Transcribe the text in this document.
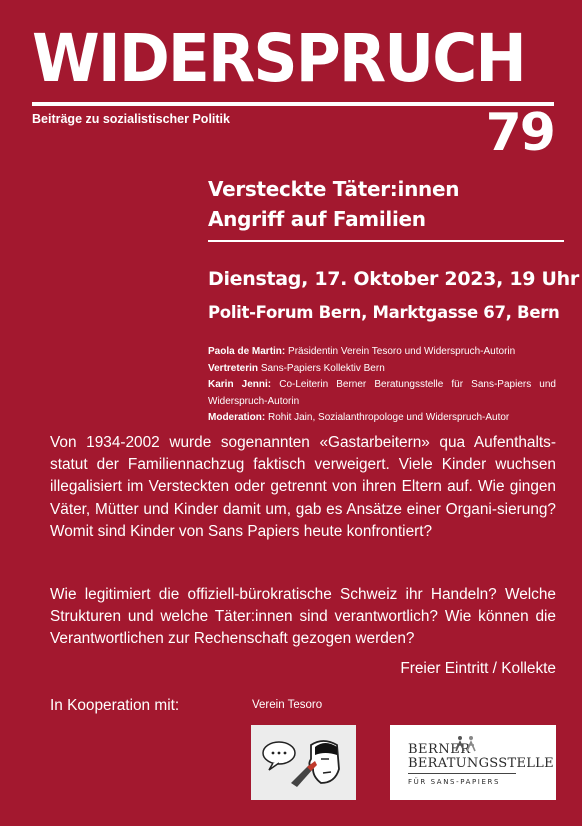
WIDERSPRUCH
Beiträge zu sozialistischer Politik	79
Versteckte Täter:innen
Angriff auf Familien
Dienstag, 17. Oktober 2023, 19 Uhr
Polit-Forum Bern, Marktgasse 67, Bern
Paola de Martin: Präsidentin Verein Tesoro und Widerspruch-Autorin
Vertreterin Sans-Papiers Kollektiv Bern
Karin Jenni: Co-Leiterin Berner Beratungsstelle für Sans-Papiers und Widerspruch-Autorin
Moderation: Rohit Jain, Sozialanthropologe und Widerspruch-Autor
Von 1934-2002 wurde sogenannten «Gastarbeitern» qua Aufenthalts-statut der Familiennachzug faktisch verweigert. Viele Kinder wuchsen illegalisiert im Versteckten oder getrennt von ihren Eltern auf. Wie gingen Väter, Mütter und Kinder damit um, gab es Ansätze einer Organi-sierung? Womit sind Kinder von Sans Papiers heute konfrontiert?
Wie legitimiert die offiziell-bürokratische Schweiz ihr Handeln? Welche Strukturen und welche Täter:innen sind verantwortlich? Wie können die Verantwortlichen zur Rechenschaft gezogen werden?
Freier Eintritt / Kollekte
In Kooperation mit:	Verein Tesoro
BERNER
BERATUNGSSTELLE
FÜR SANS-PAPIERS
